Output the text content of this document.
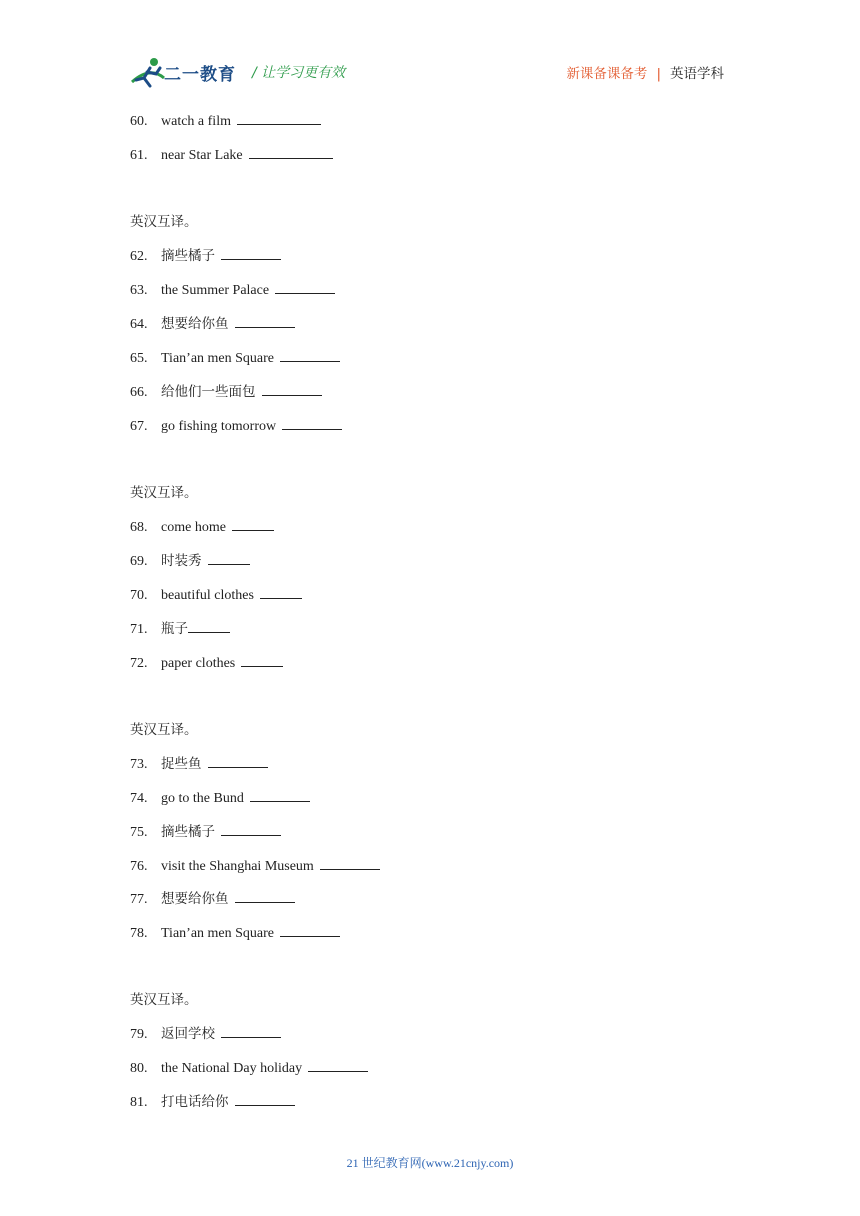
二一教育 / 让学习更有效	新课备课备考 | 英语学科
60. watch a film
61. near Star Lake
英汉互译。
62. 摘些橘子
63. the Summer Palace
64. 想要给你鱼
65. Tian’an men Square
66. 给他们一些面包
67. go fishing tomorrow
英汉互译。
68. come home
69. 时装秀
70. beautiful clothes
71. 瓶子
72. paper clothes
英汉互译。
73. 捉些鱼
74. go to the Bund
75. 摘些橘子
76. visit the Shanghai Museum
77. 想要给你鱼
78. Tian’an men Square
英汉互译。
79. 返回学校
80. the National Day holiday
81. 打电话给你
21 世纪教育网(www.21cnjy.com)
